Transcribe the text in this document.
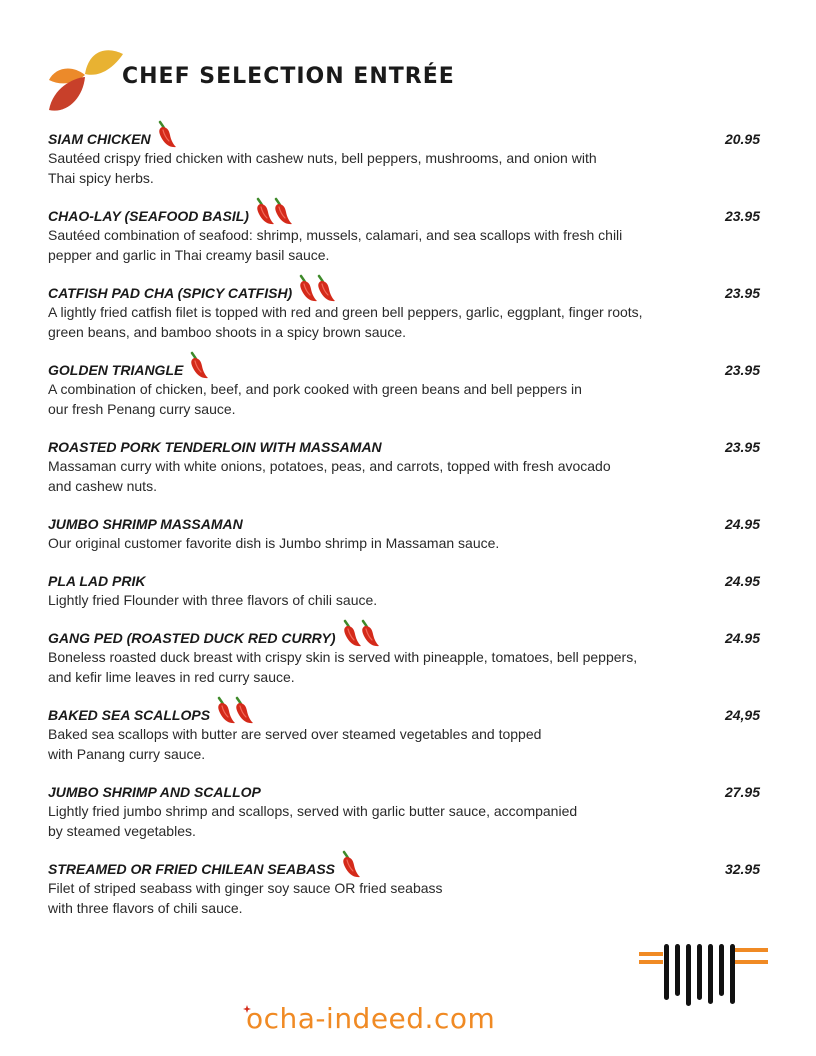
CHEF SELECTION ENTRÉE
SIAM CHICKEN	20.95
Sautéed crispy fried chicken with cashew nuts, bell peppers, mushrooms, and onion with
Thai spicy herbs.
CHAO-LAY (SEAFOOD BASIL)	23.95
Sautéed combination of seafood: shrimp, mussels, calamari, and sea scallops with fresh chili
pepper and garlic in Thai creamy basil sauce.
CATFISH PAD CHA (SPICY CATFISH)	23.95
A lightly fried catfish filet is topped with red and green bell peppers, garlic, eggplant, finger roots,
green beans, and bamboo shoots in a spicy brown sauce.
GOLDEN TRIANGLE	23.95
A combination of chicken, beef, and pork cooked with green beans and bell peppers in
our fresh Penang curry sauce.
ROASTED PORK TENDERLOIN WITH MASSAMAN	23.95
Massaman curry with white onions, potatoes, peas, and carrots, topped with fresh avocado
and cashew nuts.
JUMBO SHRIMP MASSAMAN	24.95
Our original customer favorite dish is Jumbo shrimp in Massaman sauce.
PLA LAD PRIK	24.95
Lightly fried Flounder with three flavors of chili sauce.
GANG PED (ROASTED DUCK RED CURRY)	24.95
Boneless roasted duck breast with crispy skin is served with pineapple, tomatoes, bell peppers,
and kefir lime leaves in red curry sauce.
BAKED SEA SCALLOPS	24,95
Baked sea scallops with butter are served over steamed vegetables and topped
with Panang curry sauce.
JUMBO SHRIMP AND SCALLOP	27.95
Lightly fried jumbo shrimp and scallops, served with garlic butter sauce, accompanied
by steamed vegetables.
STREAMED OR FRIED CHILEAN SEABASS	32.95
Filet of striped seabass with ginger soy sauce OR fried seabass
with three flavors of chili sauce.
ocha-indeed.com
